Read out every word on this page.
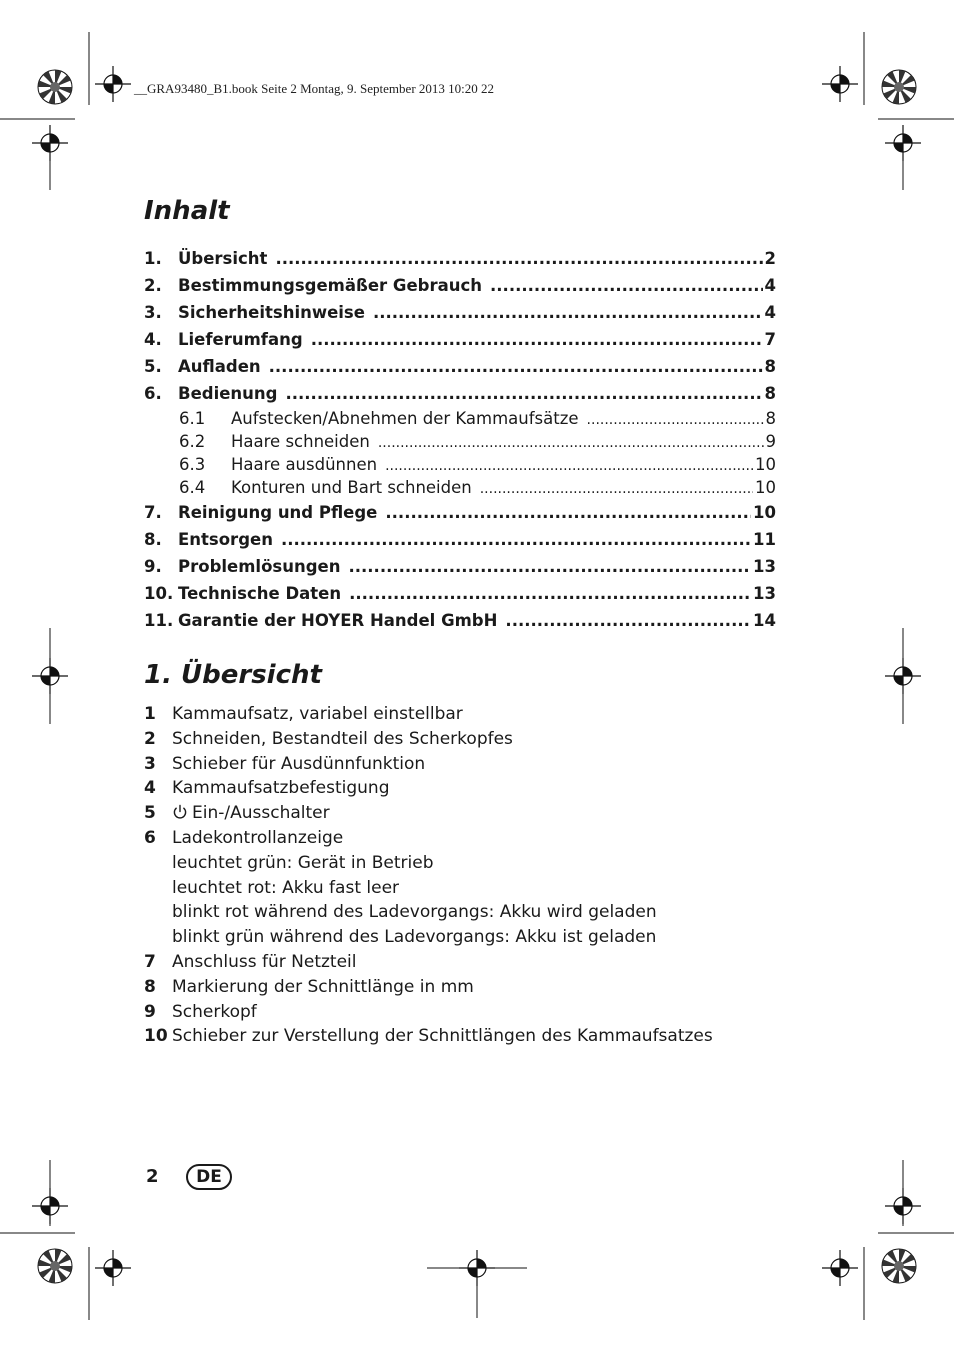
__GRA93480_B1.book Seite 2 Montag, 9. September 2013 10:20 22
Inhalt
1. Übersicht .....	2
2. Bestimmungsgemäßer Gebrauch .....	4
3. Sicherheitshinweise .....	4
4. Lieferumfang .....	7
5. Aufladen .....	8
6. Bedienung .....	8
6.1	Aufstecken/Abnehmen der Kammaufsätze .....	8
6.2	Haare schneiden .....	9
6.3	Haare ausdünnen .....	10
6.4	Konturen und Bart schneiden .....	10
7. Reinigung und Pflege .....	10
8. Entsorgen .....	11
9. Problemlösungen .....	13
10. Technische Daten .....	13
11. Garantie der HOYER Handel GmbH .....	14
1. Übersicht
1 Kammaufsatz, variabel einstellbar
2 Schneiden, Bestandteil des Scherkopfes
3 Schieber für Ausdünnfunktion
4 Kammaufsatzbefestigung
5	Ein-/Ausschalter
6 Ladekontrollanzeige
leuchtet grün: Gerät in Betrieb
leuchtet rot: Akku fast leer
blinkt rot während des Ladevorgangs: Akku wird geladen
blinkt grün während des Ladevorgangs: Akku ist geladen
7 Anschluss für Netzteil
8 Markierung der Schnittlänge in mm
9 Scherkopf
10 Schieber zur Verstellung der Schnittlängen des Kammaufsatzes
2	DE
